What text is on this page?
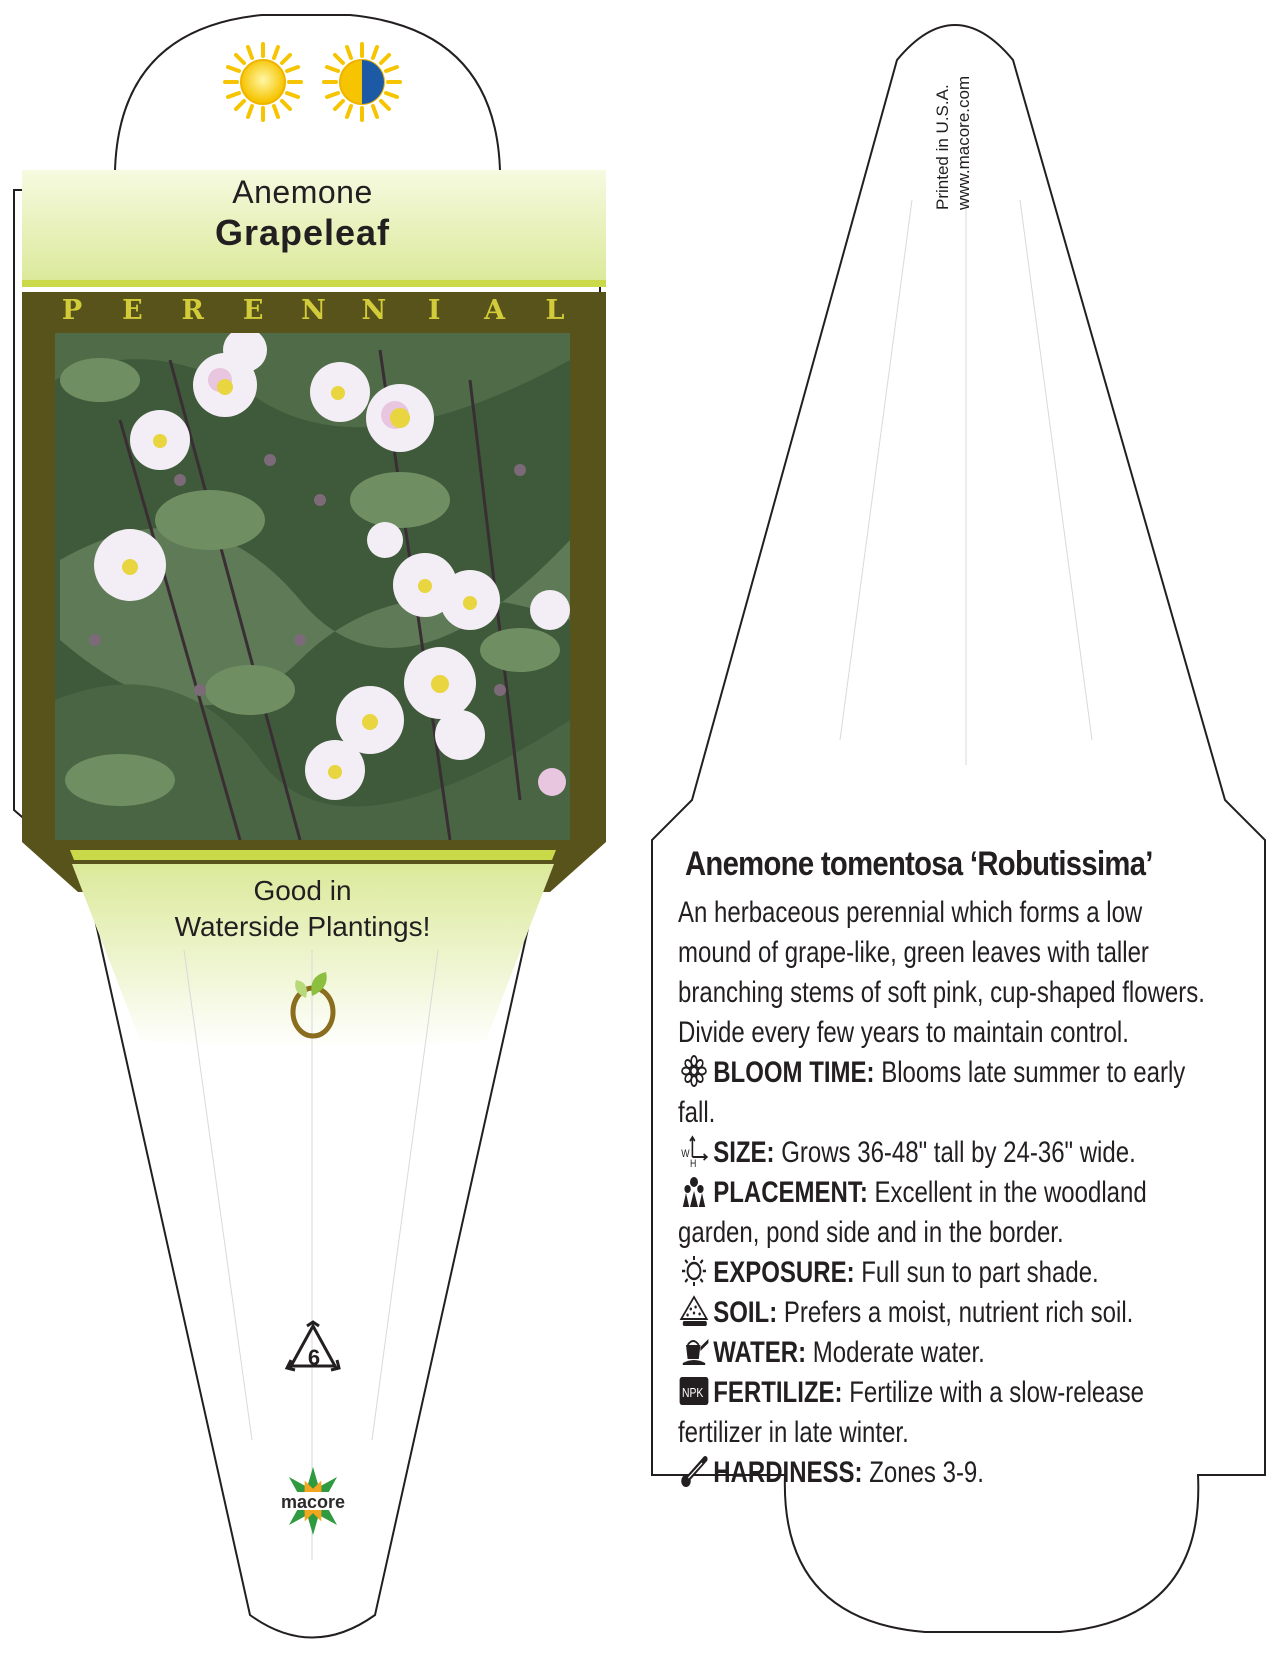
Anemone
Grapeleaf
P E R E N N	I	A L
Good in
Waterside Plantings!
6
macore
Printed in U.S.A. www.macore.com
Anemone tomentosa ‘Robutissima’

An herbaceous perennial which forms a low mound of grape-like, green leaves with taller branching stems of soft pink, cup-shaped flowers. Divide every few years to maintain control.

BLOOM TIME: Blooms late summer to early fall.

W
H SIZE: Grows 36-48" tall by 24-36" wide.

PLACEMENT: Excellent in the woodland garden, pond side and in the border.

EXPOSURE: Full sun to part shade.

SOIL: Prefers a moist, nutrient rich soil.

WATER: Moderate water.

NPK FERTILIZE: Fertilize with a slow-release fertilizer in late winter.

HARDINESS: Zones 3-9.
